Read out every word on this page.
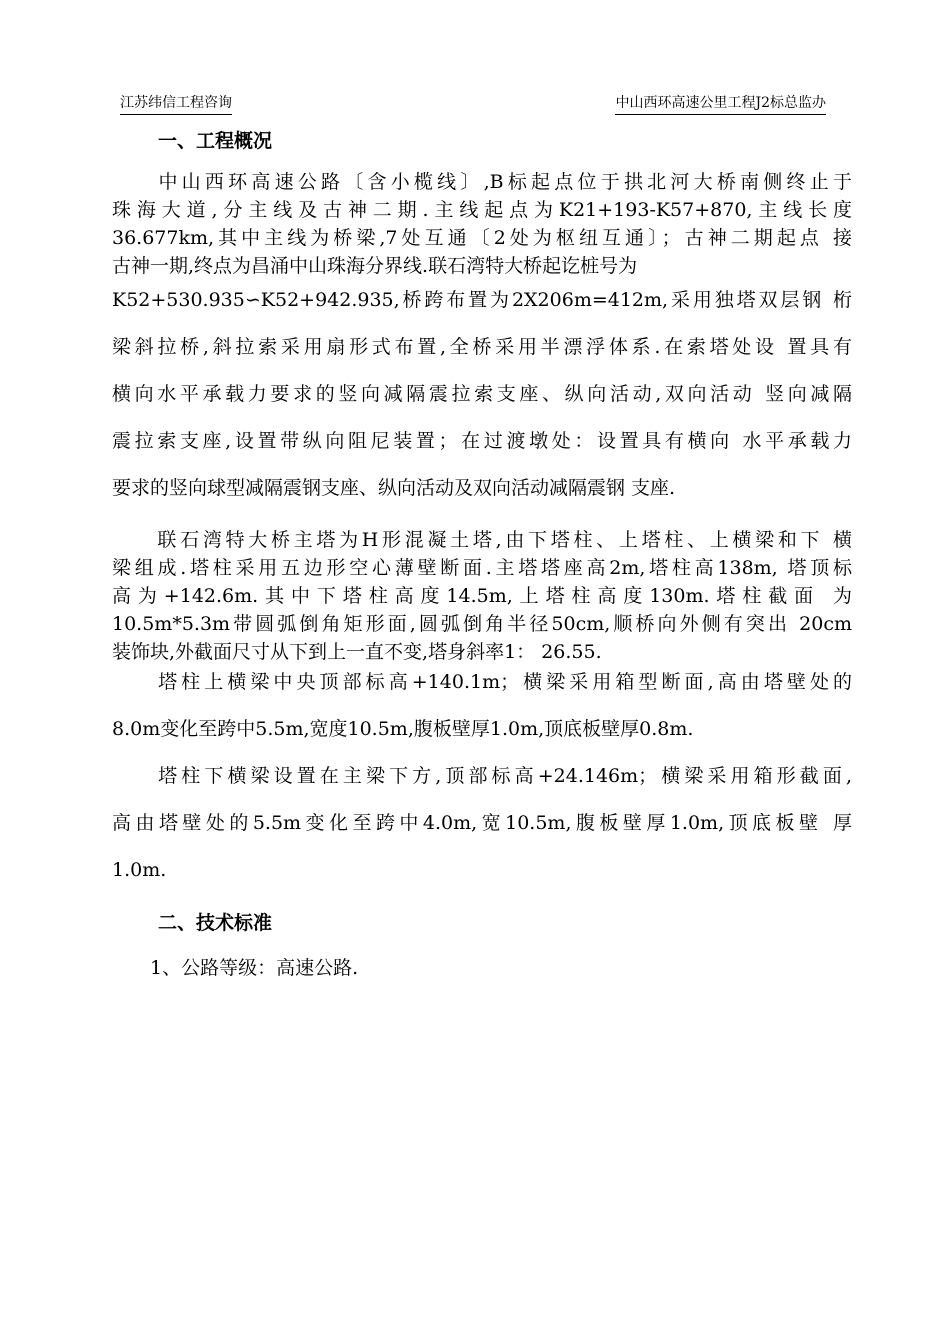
江苏纬信工程咨询	中山西环高速公里工程J2标总监办
一、工程概况
　　中山西环高速公路〔含小榄线〕,B标起点位于拱北河大桥南侧终止于
珠海大道,分主线及古神二期.主线起点为K21+193-K57+870,主线长度
36.677km,其中主线为桥梁,7处互通〔2处为枢纽互通〕；古神二期起点 接
古神一期,终点为昌涌中山珠海分界线.联石湾特大桥起讫桩号为
K52+530.935∽K52+942.935,桥跨布置为2X206m=412m,采用独塔双层钢 桁
梁斜拉桥,斜拉索采用扇形式布置,全桥采用半漂浮体系.在索塔处设 置具有
横向水平承载力要求的竖向减隔震拉索支座、纵向活动,双向活动 竖向减隔
震拉索支座,设置带纵向阻尼装置；在过渡墩处：设置具有横向 水平承载力
要求的竖向球型减隔震钢支座、纵向活动及双向活动减隔震钢 支座.
　　联石湾特大桥主塔为H形混凝土塔,由下塔柱、上塔柱、上横梁和下 横
梁组成.塔柱采用五边形空心薄壁断面.主塔塔座高2m,塔柱高138m, 塔顶标
高为+142.6m.其中下塔柱高度14.5m,上塔柱高度130m.塔柱截面 为
10.5m*5.3m带圆弧倒角矩形面,圆弧倒角半径50cm,顺桥向外侧有突出 20cm
装饰块,外截面尺寸从下到上一直不变,塔身斜率1： 26.55.
　　塔柱上横梁中央顶部标高+140.1m；横梁采用箱型断面,高由塔壁处的
8.0m变化至跨中5.5m,宽度10.5m,腹板壁厚1.0m,顶底板壁厚0.8m.
　　塔柱下横梁设置在主梁下方,顶部标高+24.146m；横梁采用箱形截面,
高由塔壁处的5.5m变化至跨中4.0m,宽10.5m,腹板壁厚1.0m,顶底板壁 厚
1.0m.
二、技术标准
　　1、公路等级：高速公路.
